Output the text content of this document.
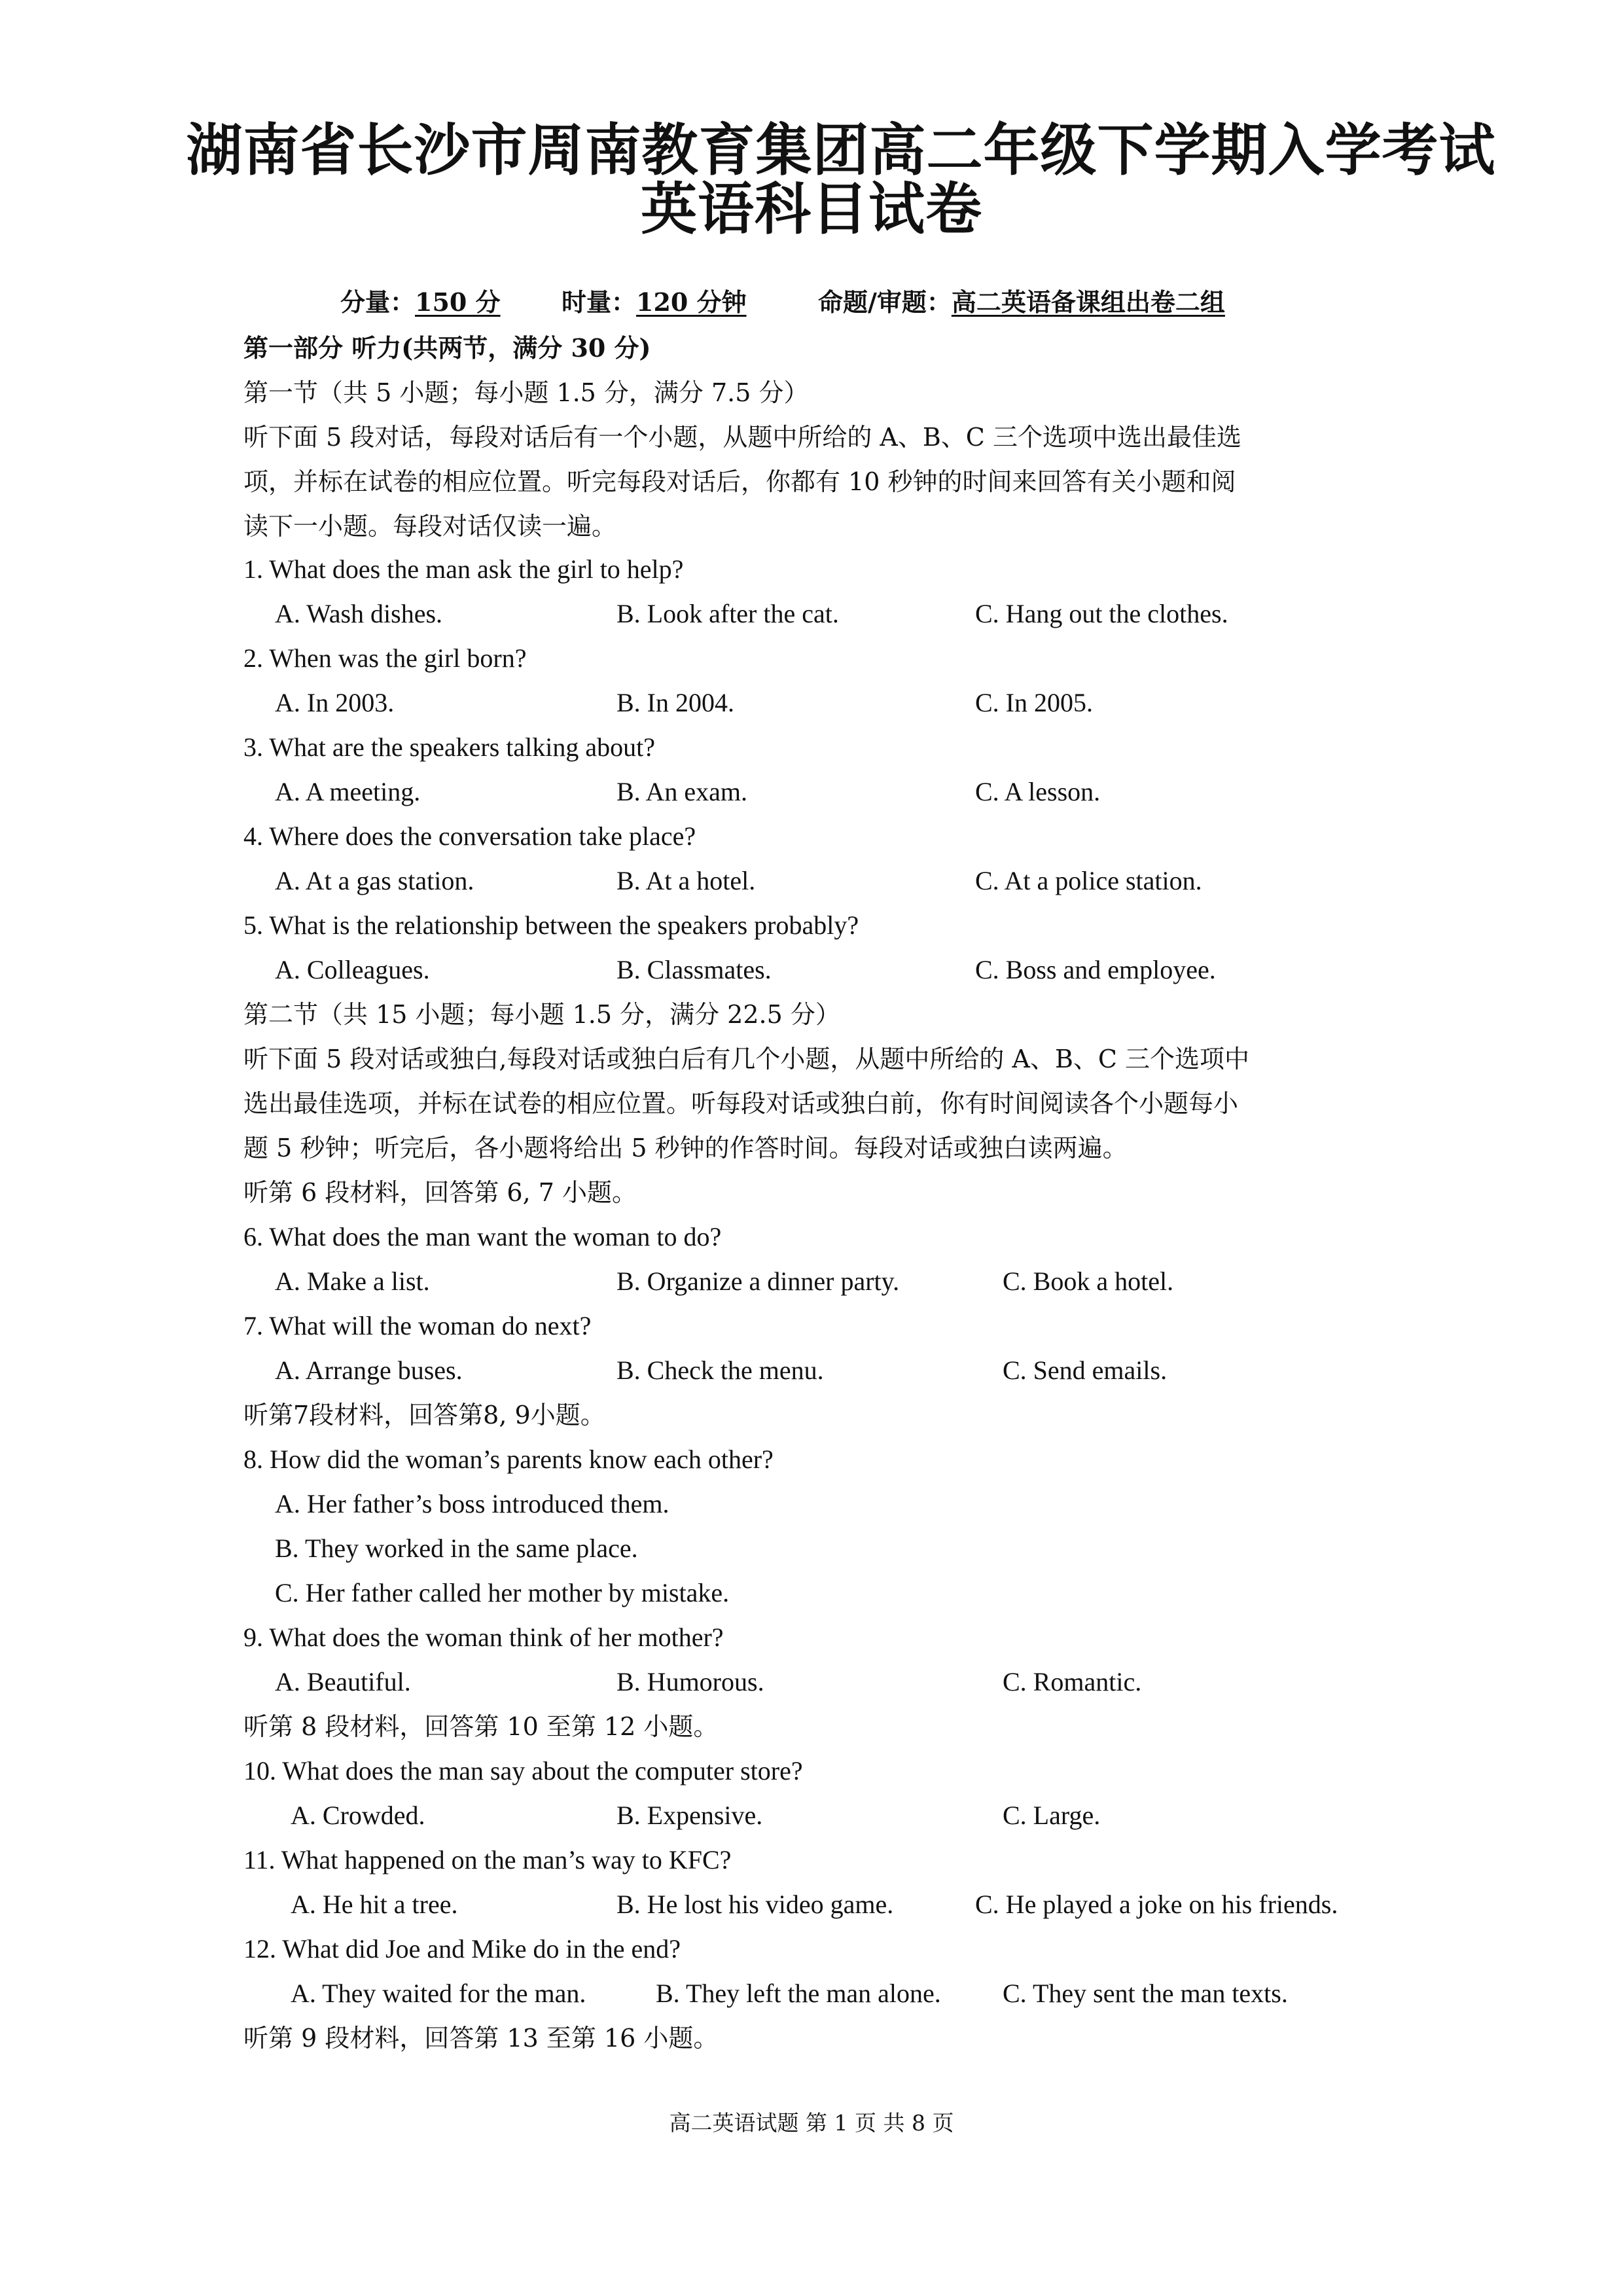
湖南省长沙市周南教育集团高二年级下学期入学考试
英语科目试卷
分量：150 分 时量：120 分钟	命题/审题：高二英语备课组出卷二组
第一部分 听力(共两节，满分 30 分)
第一节（共 5 小题；每小题 1.5 分，满分 7.5 分）
听下面 5 段对话，每段对话后有一个小题，从题中所给的 A、B、C 三个选项中选出最佳选
项，并标在试卷的相应位置。听完每段对话后，你都有 10 秒钟的时间来回答有关小题和阅
读下一小题。每段对话仅读一遍。
1. What does the man ask the girl to help?
A. Wash dishes.	B. Look after the cat.	C. Hang out the clothes.
2. When was the girl born?
A. In 2003.	B. In 2004.	C. In 2005.
3. What are the speakers talking about?
A. A meeting.	B. An exam.	C. A lesson.
4. Where does the conversation take place?
A. At a gas station.	B. At a hotel.	C. At a police station.
5. What is the relationship between the speakers probably?
A. Colleagues.	B. Classmates.	C. Boss and employee.
第二节（共 15 小题；每小题 1.5 分，满分 22.5 分）
听下面 5 段对话或独白,每段对话或独白后有几个小题，从题中所给的 A、B、C 三个选项中
选出最佳选项，并标在试卷的相应位置。听每段对话或独白前，你有时间阅读各个小题每小
题 5 秒钟；听完后，各小题将给出 5 秒钟的作答时间。每段对话或独白读两遍。
听第 6 段材料，回答第 6, 7 小题。
6. What does the man want the woman to do?
A. Make a list.	B. Organize a dinner party.	C. Book a hotel.
7. What will the woman do next?
A. Arrange buses.	B. Check the menu.	C. Send emails.
听第7段材料，回答第8, 9小题。
8. How did the woman’s parents know each other?
A. Her father’s boss introduced them.
B. They worked in the same place.
C. Her father called her mother by mistake.
9. What does the woman think of her mother?
A. Beautiful.	B. Humorous.	C. Romantic.
听第 8 段材料，回答第 10 至第 12 小题。
10. What does the man say about the computer store?
A. Crowded.	B. Expensive.	C. Large.
11. What happened on the man’s way to KFC?
A. He hit a tree.	B. He lost his video game.	C. He played a joke on his friends.
12. What did Joe and Mike do in the end?
A. They waited for the man.	B. They left the man alone. C. They sent the man texts.
听第 9 段材料，回答第 13 至第 16 小题。
高二英语试题 第 1 页 共 8 页
